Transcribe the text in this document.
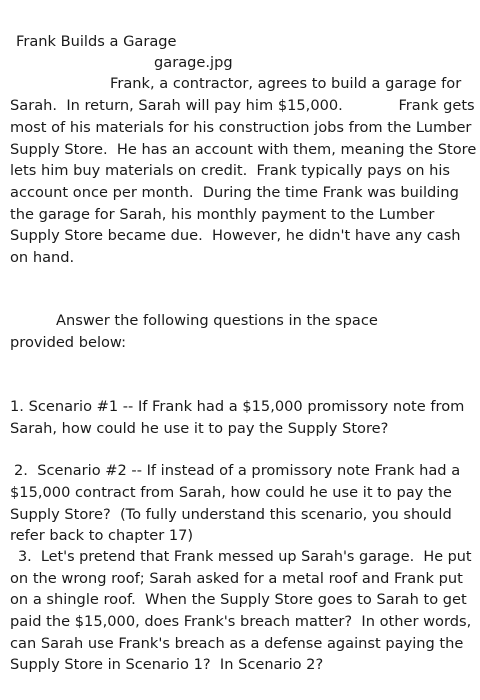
Frank Builds a Garage
garage.jpg
Frank, a contractor, agrees to build a garage for
Sarah.  In return, Sarah will pay him $15,000.            Frank gets
most of his materials for his construction jobs from the Lumber
Supply Store.  He has an account with them, meaning the Store
lets him buy materials on credit.  Frank typically pays on his
account once per month.  During the time Frank was building
the garage for Sarah, his monthly payment to the Lumber
Supply Store became due.  However, he didn't have any cash
on hand.
Answer the following questions in the space
provided below:
1. Scenario #1 -- If Frank had a $15,000 promissory note from
Sarah, how could he use it to pay the Supply Store?
2.  Scenario #2 -- If instead of a promissory note Frank had a
$15,000 contract from Sarah, how could he use it to pay the
Supply Store?  (To fully understand this scenario, you should
refer back to chapter 17)
3.  Let's pretend that Frank messed up Sarah's garage.  He put
on the wrong roof; Sarah asked for a metal roof and Frank put
on a shingle roof.  When the Supply Store goes to Sarah to get
paid the $15,000, does Frank's breach matter?  In other words,
can Sarah use Frank's breach as a defense against paying the
Supply Store in Scenario 1?  In Scenario 2?
